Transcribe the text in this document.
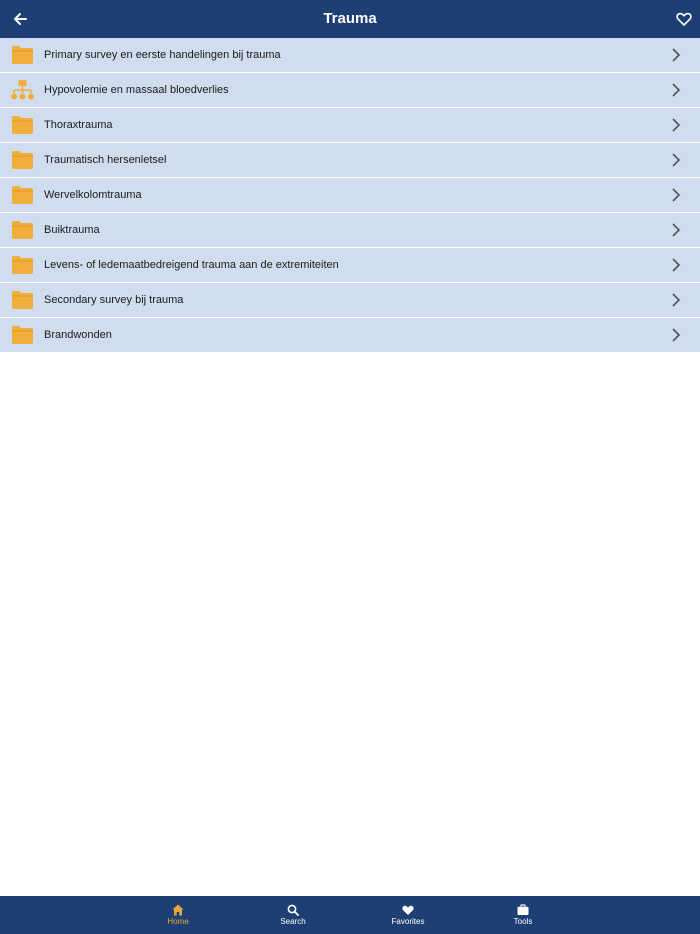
Trauma
Primary survey en eerste handelingen bij trauma
Hypovolemie en massaal bloedverlies
Thoraxtrauma
Traumatisch hersenletsel
Wervelkolomtrauma
Buiktrauma
Levens- of ledemaatbedreigend trauma aan de extremiteiten
Secondary survey bij trauma
Brandwonden
Home	Search	Favorites	Tools
